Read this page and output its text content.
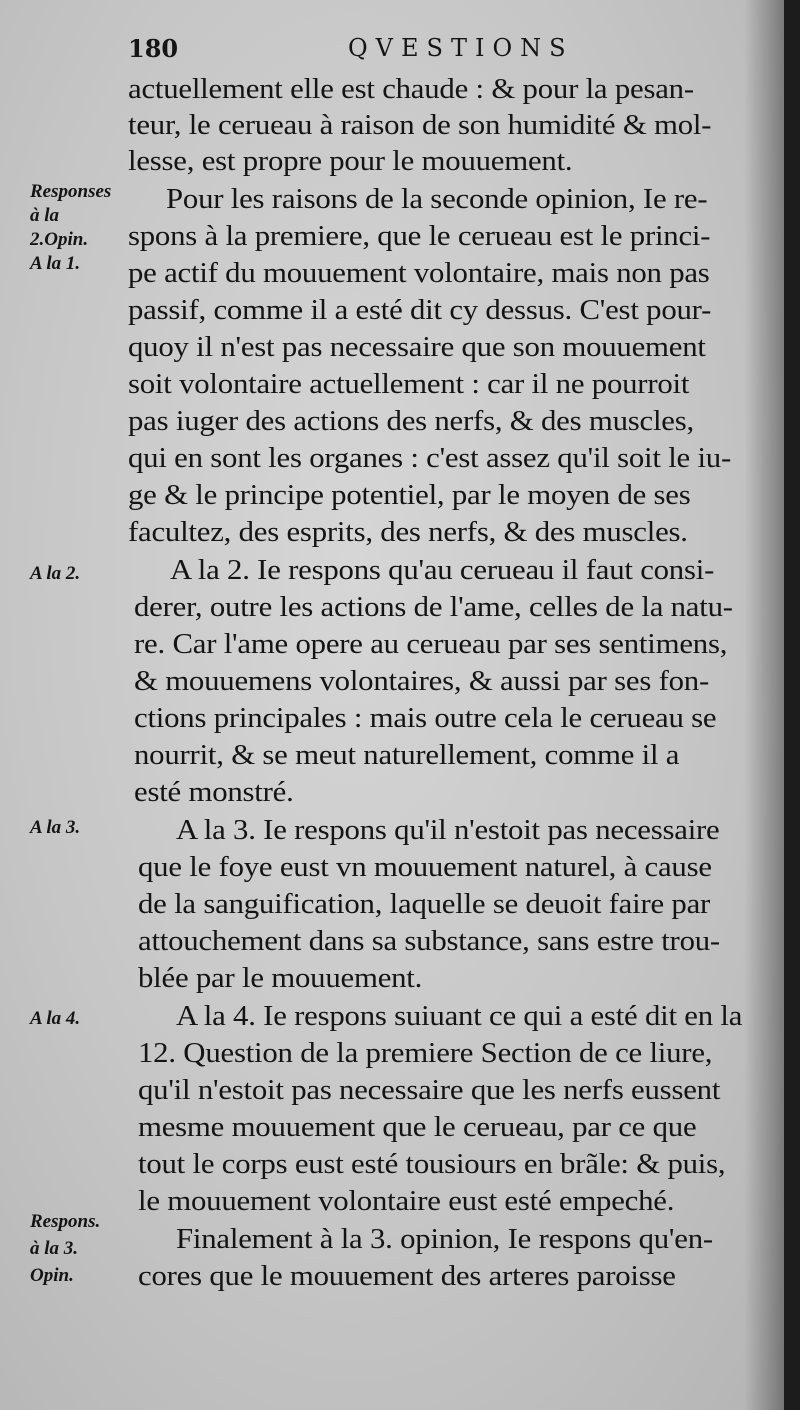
180	QVESTIONS
Responses
à la
2.Opin.
A la 1.
A la 2.
A la 3.
A la 4.
Respons.
à la 3.
Opin.
actuellement elle est chaude : & pour la pesan-
teur, le cerueau à raison de son humidité & mol-
lesse, est propre pour le mouuement.
Pour les raisons de la seconde opinion, Ie re-
spons à la premiere, que le cerueau est le princi-
pe actif du mouuement volontaire, mais non pas
passif, comme il a esté dit cy dessus. C'est pour-
quoy il n'est pas necessaire que son mouuement
soit volontaire actuellement : car il ne pourroit
pas iuger des actions des nerfs, & des muscles,
qui en sont les organes : c'est assez qu'il soit le iu-
ge & le principe potentiel, par le moyen de ses
facultez, des esprits, des nerfs, & des muscles.
A la 2. Ie respons qu'au cerueau il faut consi-
derer, outre les actions de l'ame, celles de la natu-
re. Car l'ame opere au cerueau par ses sentimens,
& mouuemens volontaires, & aussi par ses fon-
ctions principales : mais outre cela le cerueau se
nourrit, & se meut naturellement, comme il a
esté monstré.
A la 3. Ie respons qu'il n'estoit pas necessaire
que le foye eust vn mouuement naturel, à cause
de la sanguification, laquelle se deuoit faire par
attouchement dans sa substance, sans estre trou-
blée par le mouuement.
A la 4. Ie respons suiuant ce qui a esté dit en la
12. Question de la premiere Section de ce liure,
qu'il n'estoit pas necessaire que les nerfs eussent
mesme mouuement que le cerueau, par ce que
tout le corps eust esté tousiours en brãle: & puis,
le mouuement volontaire eust esté empeché.
Finalement à la 3. opinion, Ie respons qu'en-
cores que le mouuement des arteres paroisse
